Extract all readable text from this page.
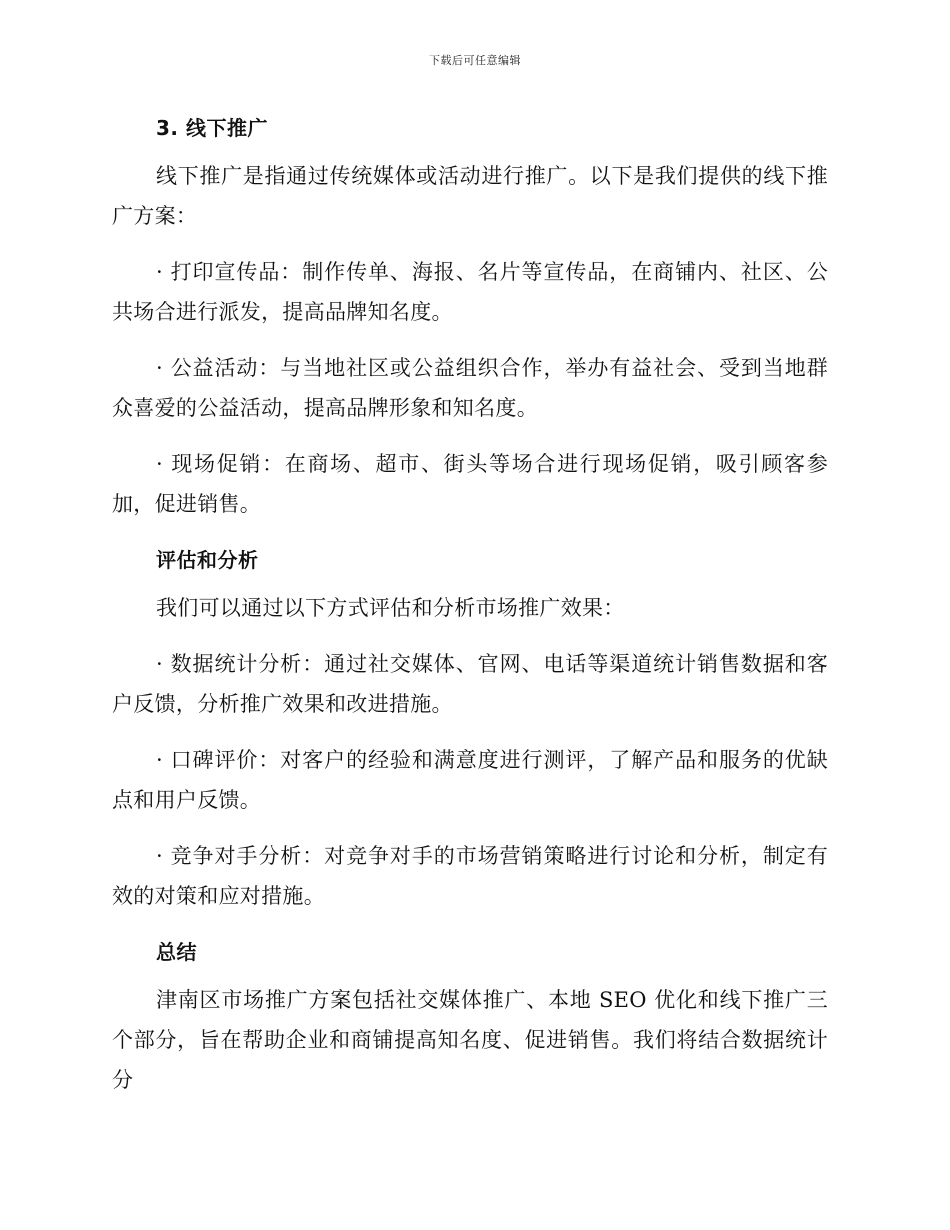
下载后可任意编辑
3. 线下推广

线下推广是指通过传统媒体或活动进行推广。以下是我们提供的线下推广方案：

· 打印宣传品：制作传单、海报、名片等宣传品，在商铺内、社区、公共场合进行派发，提高品牌知名度。

· 公益活动：与当地社区或公益组织合作，举办有益社会、受到当地群众喜爱的公益活动，提高品牌形象和知名度。

· 现场促销：在商场、超市、街头等场合进行现场促销，吸引顾客参加，促进销售。

评估和分析

我们可以通过以下方式评估和分析市场推广效果：

· 数据统计分析：通过社交媒体、官网、电话等渠道统计销售数据和客户反馈，分析推广效果和改进措施。

· 口碑评价：对客户的经验和满意度进行测评，了解产品和服务的优缺点和用户反馈。

· 竞争对手分析：对竞争对手的市场营销策略进行讨论和分析，制定有效的对策和应对措施。

总结

津南区市场推广方案包括社交媒体推广、本地 SEO 优化和线下推广三个部分，旨在帮助企业和商铺提高知名度、促进销售。我们将结合数据统计分
